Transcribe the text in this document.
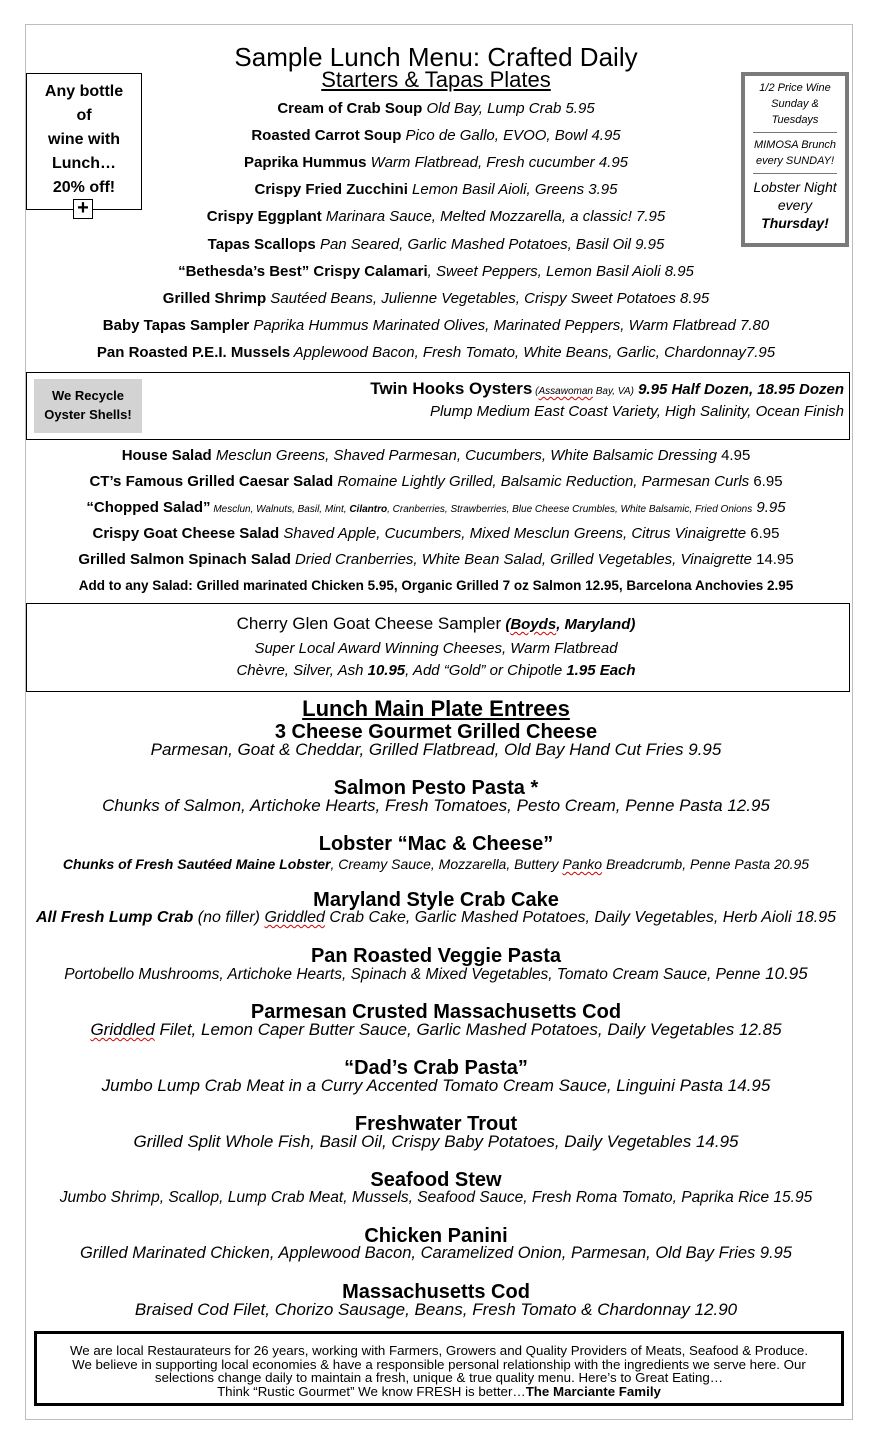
Sample Lunch Menu: Crafted Daily
Starters & Tapas Plates
Any bottle
of
wine with
Lunch…
20% off!
+
1/2 Price Wine Sunday & Tuesdays
MIMOSA Brunch every SUNDAY!
Lobster Night every
Thursday!
Cream of Crab Soup Old Bay, Lump Crab 5.95
Roasted Carrot Soup Pico de Gallo, EVOO, Bowl 4.95
Paprika Hummus Warm Flatbread, Fresh cucumber 4.95
Crispy Fried Zucchini Lemon Basil Aioli, Greens 3.95
Crispy Eggplant Marinara Sauce, Melted Mozzarella, a classic! 7.95
Tapas Scallops Pan Seared, Garlic Mashed Potatoes, Basil Oil 9.95
“Bethesda’s Best” Crispy Calamari, Sweet Peppers, Lemon Basil Aioli 8.95
Grilled Shrimp Sautéed Beans, Julienne Vegetables, Crispy Sweet Potatoes 8.95
Baby Tapas Sampler Paprika Hummus Marinated Olives, Marinated Peppers, Warm Flatbread 7.80
Pan Roasted P.E.I. Mussels Applewood Bacon, Fresh Tomato, White Beans, Garlic, Chardonnay7.95
We Recycle
Oyster Shells!
Twin Hooks Oysters (Assawoman Bay, VA) 9.95 Half Dozen, 18.95 Dozen
Plump Medium East Coast Variety, High Salinity, Ocean Finish
House Salad Mesclun Greens, Shaved Parmesan, Cucumbers, White Balsamic Dressing 4.95
CT’s Famous Grilled Caesar Salad Romaine Lightly Grilled, Balsamic Reduction, Parmesan Curls 6.95
Crispy Goat Cheese Salad Shaved Apple, Cucumbers, Mixed Mesclun Greens, Citrus Vinaigrette 6.95
Grilled Salmon Spinach Salad Dried Cranberries, White Bean Salad, Grilled Vegetables, Vinaigrette 14.95
“Chopped Salad” Mesclun, Walnuts, Basil, Mint, Cilantro, Cranberries, Strawberries, Blue Cheese Crumbles, White Balsamic, Fried Onions 9.95
Add to any Salad: Grilled marinated Chicken 5.95, Organic Grilled 7 oz Salmon 12.95, Barcelona Anchovies 2.95
Cherry Glen Goat Cheese Sampler (Boyds, Maryland)
Super Local Award Winning Cheeses, Warm Flatbread
Chèvre, Silver, Ash 10.95, Add “Gold” or Chipotle 1.95 Each
Lunch Main Plate Entrees
3 Cheese Gourmet Grilled Cheese
Parmesan, Goat & Cheddar, Grilled Flatbread, Old Bay Hand Cut Fries 9.95
Salmon Pesto Pasta *
Chunks of Salmon, Artichoke Hearts, Fresh Tomatoes, Pesto Cream, Penne Pasta 12.95
Lobster “Mac & Cheese”
Chunks of Fresh Sautéed Maine Lobster, Creamy Sauce, Mozzarella, Buttery Panko Breadcrumb, Penne Pasta 20.95
Maryland Style Crab Cake
All Fresh Lump Crab (no filler) Griddled Crab Cake, Garlic Mashed Potatoes, Daily Vegetables, Herb Aioli 18.95
Pan Roasted Veggie Pasta
Portobello Mushrooms, Artichoke Hearts, Spinach & Mixed Vegetables, Tomato Cream Sauce, Penne 10.95
Parmesan Crusted Massachusetts Cod
Griddled Filet, Lemon Caper Butter Sauce, Garlic Mashed Potatoes, Daily Vegetables 12.85
“Dad’s Crab Pasta”
Jumbo Lump Crab Meat in a Curry Accented Tomato Cream Sauce, Linguini Pasta 14.95
Freshwater Trout
Grilled Split Whole Fish, Basil Oil, Crispy Baby Potatoes, Daily Vegetables 14.95
Seafood Stew
Jumbo Shrimp, Scallop, Lump Crab Meat, Mussels, Seafood Sauce, Fresh Roma Tomato, Paprika Rice 15.95
Chicken Panini
Grilled Marinated Chicken, Applewood Bacon, Caramelized Onion, Parmesan, Old Bay Fries 9.95
Massachusetts Cod
Braised Cod Filet, Chorizo Sausage, Beans, Fresh Tomato & Chardonnay 12.90
We are local Restaurateurs for 26 years, working with Farmers, Growers and Quality Providers of Meats, Seafood & Produce.
We believe in supporting local economies & have a responsible personal relationship with the ingredients we serve here. Our
selections change daily to maintain a fresh, unique & true quality menu. Here’s to Great Eating…
Think “Rustic Gourmet” We know FRESH is better…The Marciante Family
